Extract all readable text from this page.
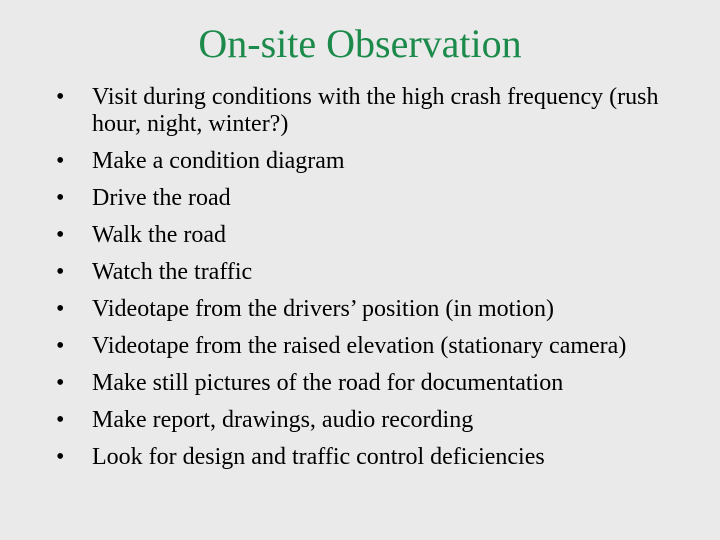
On-site Observation
• Visit during conditions with the high crash frequency (rush hour, night, winter?)
• Make a condition diagram
• Drive the road
• Walk the road
• Watch the traffic
• Videotape from the drivers’ position (in motion)
• Videotape from the raised elevation (stationary camera)
• Make still pictures of the road for documentation
• Make report, drawings, audio recording
• Look for design and traffic control deficiencies
